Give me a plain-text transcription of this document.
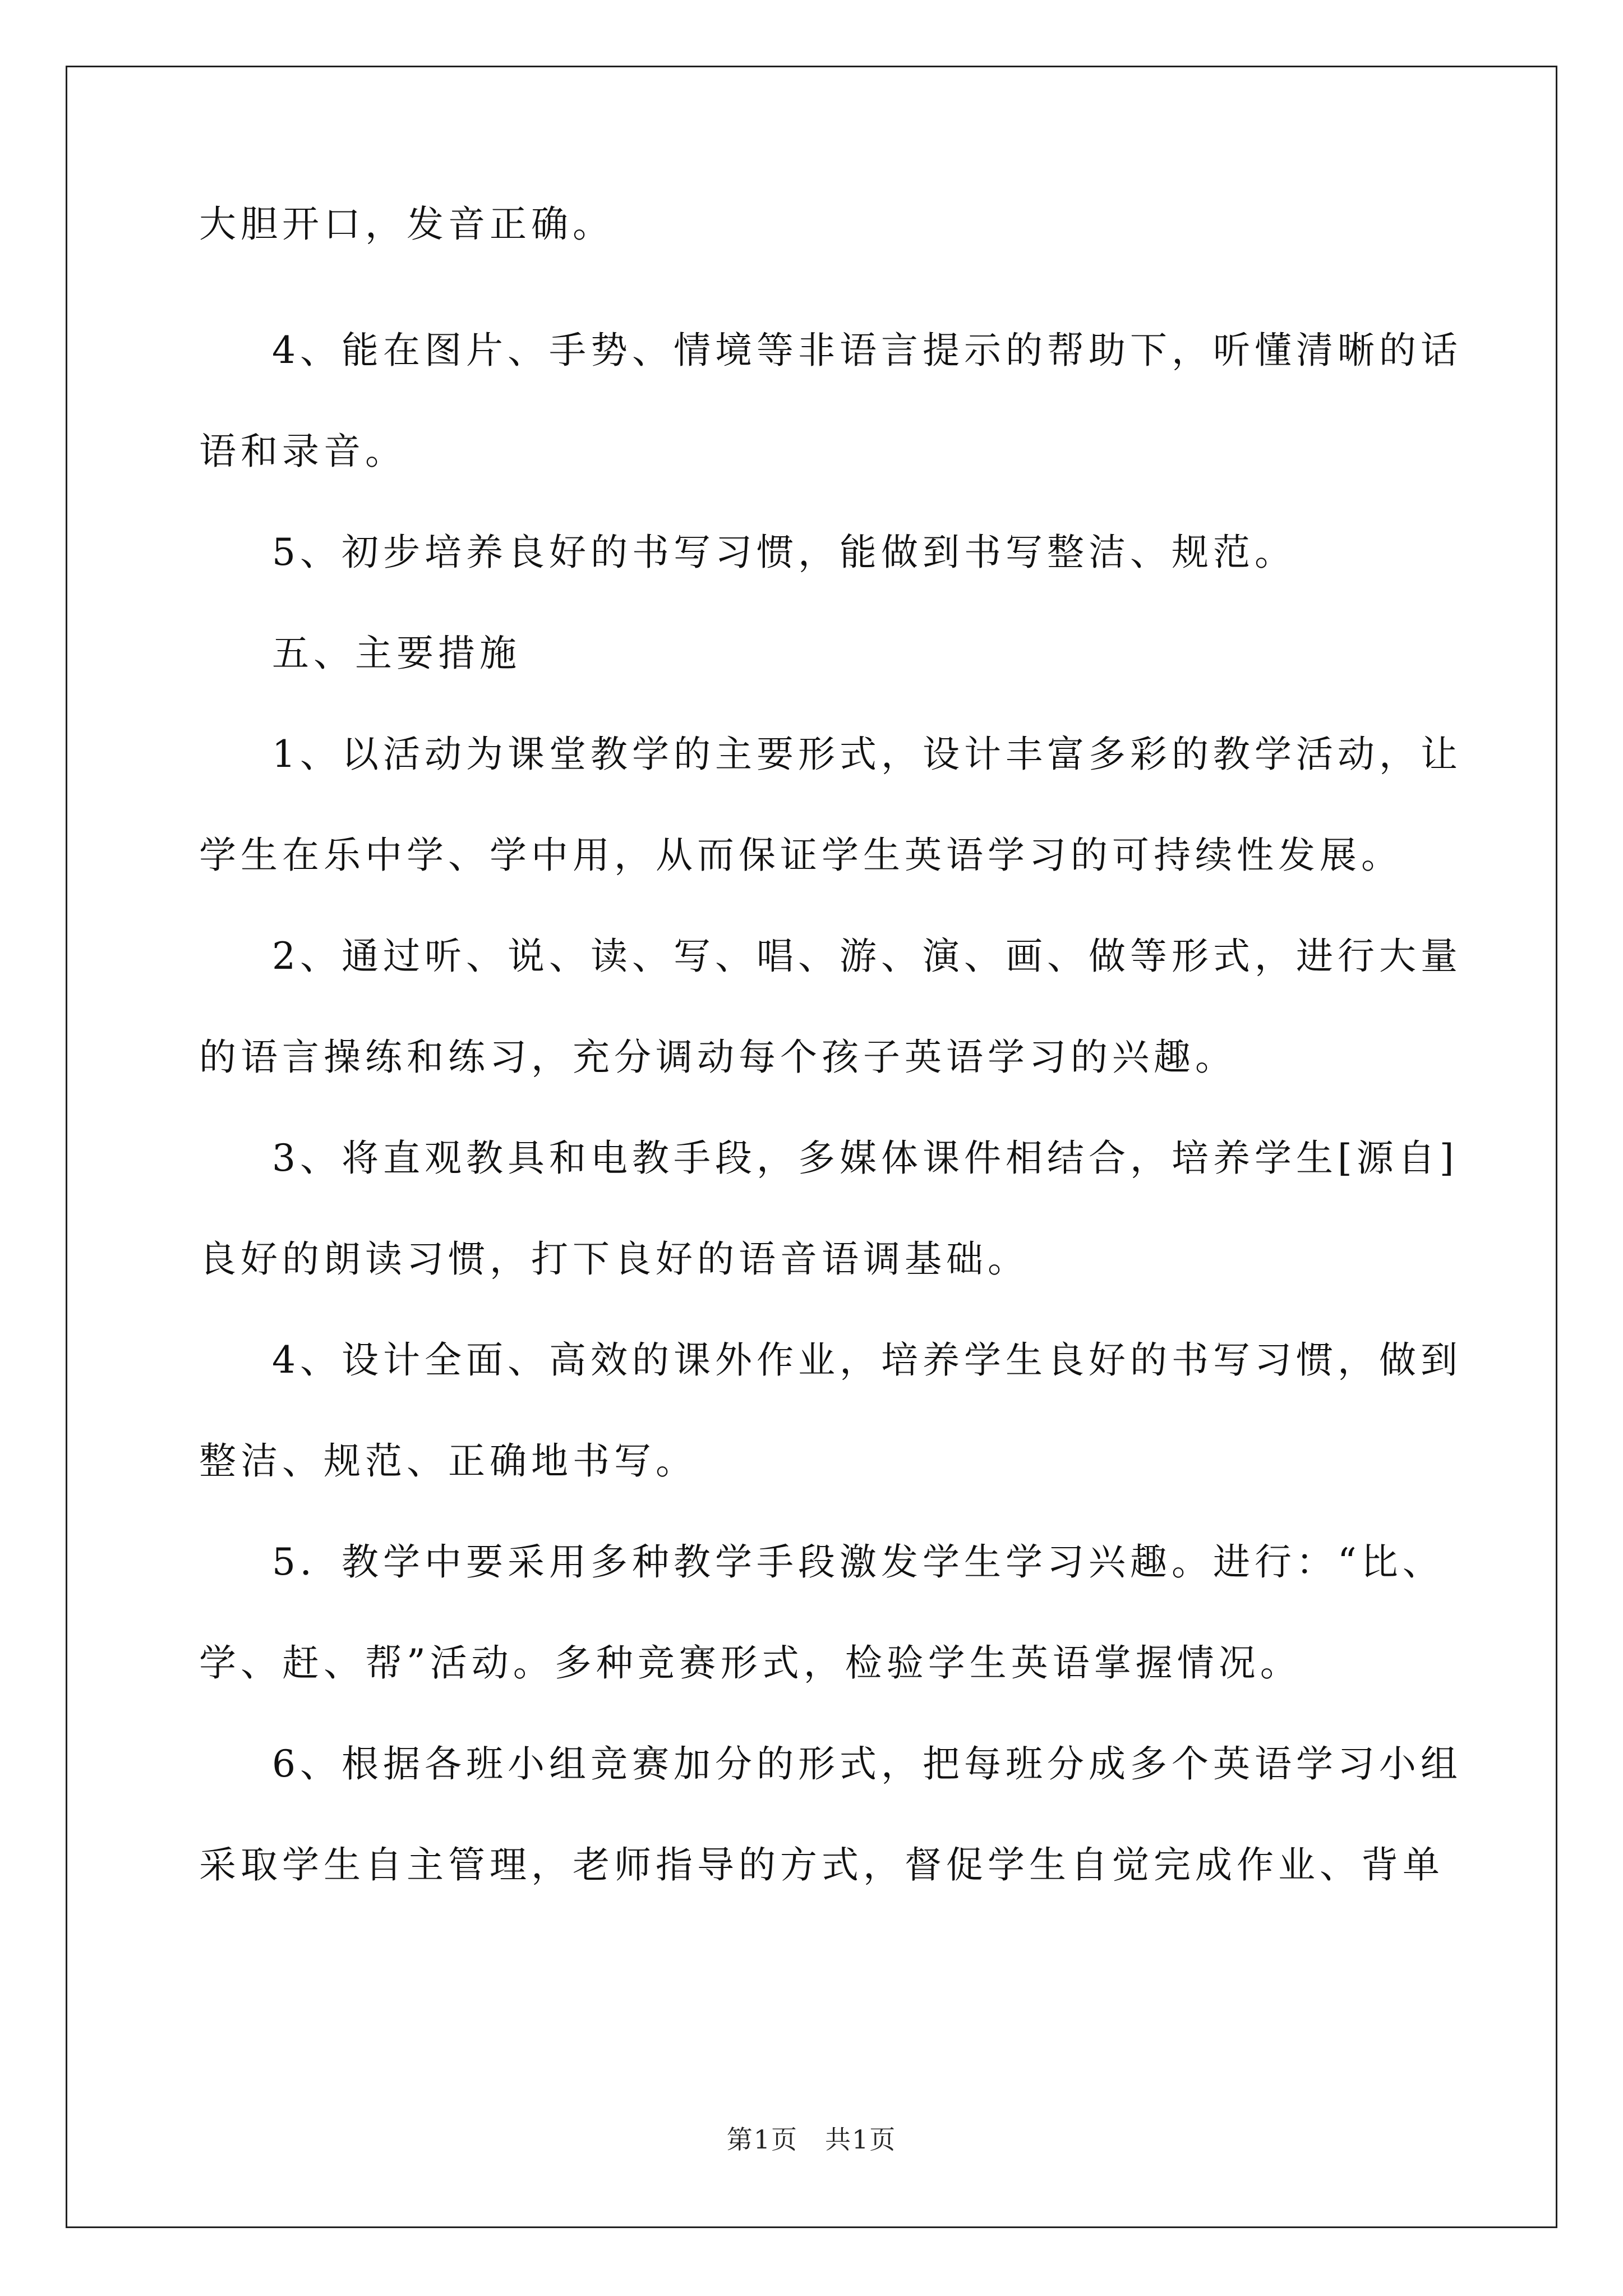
大胆开口，发音正确。
4、能在图片、手势、情境等非语言提示的帮助下，听懂清晰的话
语和录音。
5、初步培养良好的书写习惯，能做到书写整洁、规范。
五、主要措施
1、以活动为课堂教学的主要形式，设计丰富多彩的教学活动，让
学生在乐中学、学中用，从而保证学生英语学习的可持续性发展。
2、通过听、说、读、写、唱、游、演、画、做等形式，进行大量
的语言操练和练习，充分调动每个孩子英语学习的兴趣。
3、将直观教具和电教手段，多媒体课件相结合，培养学生[源自]
良好的朗读习惯，打下良好的语音语调基础。
4、设计全面、高效的课外作业，培养学生良好的书写习惯，做到
整洁、规范、正确地书写。
5．教学中要采用多种教学手段激发学生学习兴趣。进行：“比、
学、赶、帮”活动。多种竞赛形式，检验学生英语掌握情况。
6、根据各班小组竞赛加分的形式，把每班分成多个英语学习小组
采取学生自主管理，老师指导的方式，督促学生自觉完成作业、背单
第1页 共1页
